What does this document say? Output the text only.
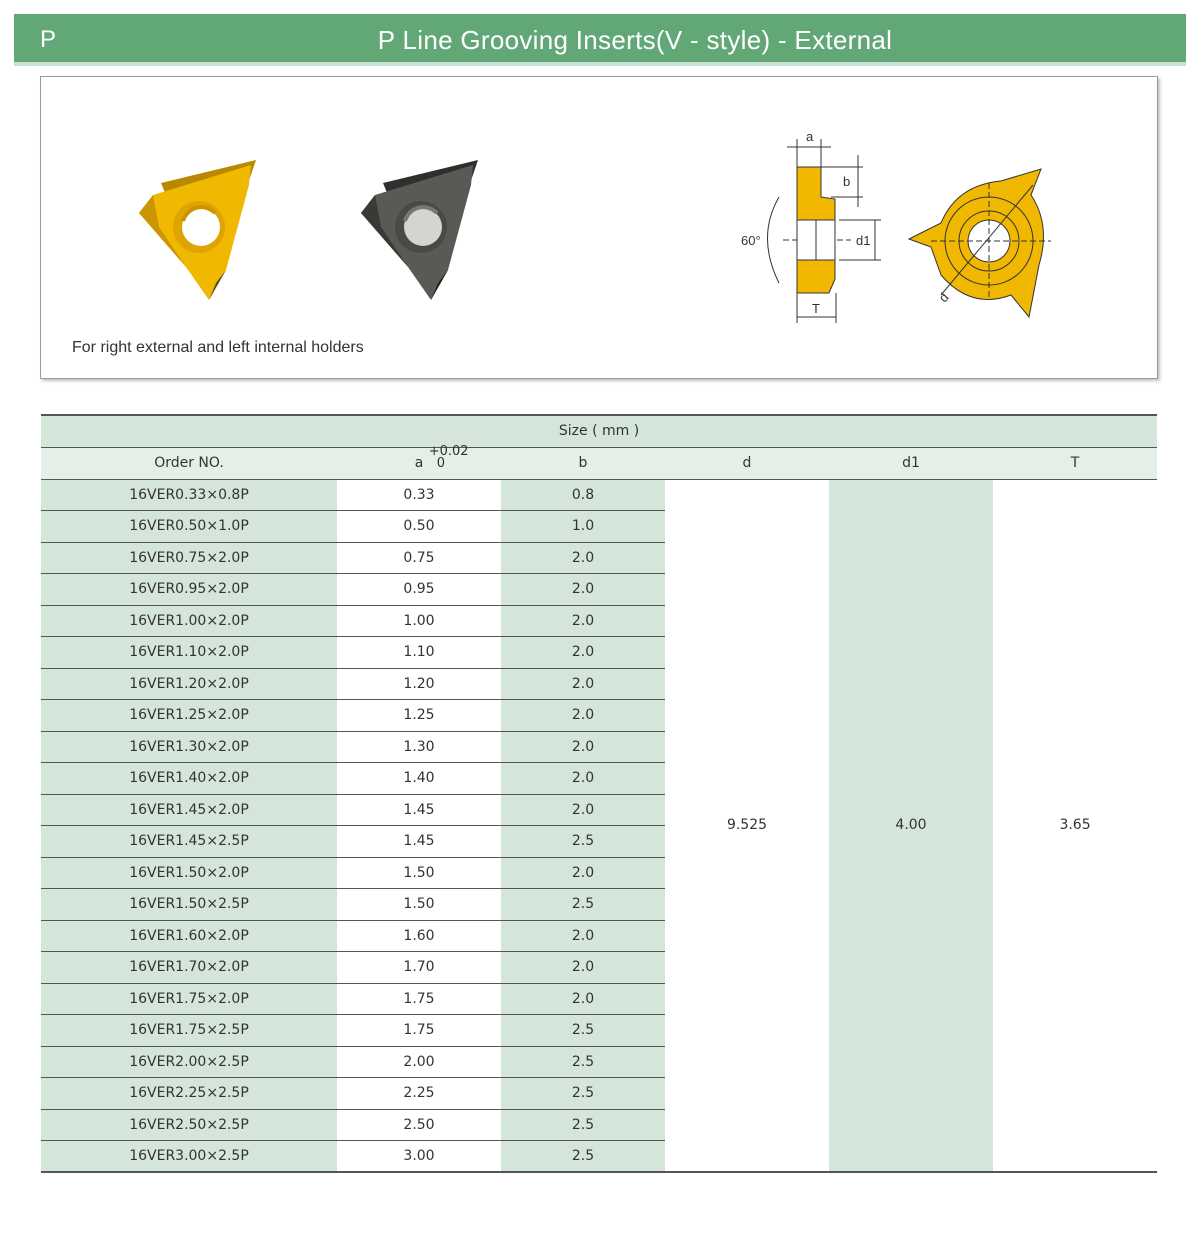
P	P Line Grooving Inserts(V - style) - External
a
b
60°	d1
T
d
For right external and left internal holders
Size ( mm )					
Order NO.	a
+0.02
0	b	d	d1	T
16VER0.33×0.8P	0.33	0.8	9.525	4.00	3.65
16VER0.50×1.0P	0.50	1.0			
16VER0.75×2.0P	0.75	2.0			
16VER0.95×2.0P	0.95	2.0			
16VER1.00×2.0P	1.00	2.0			
16VER1.10×2.0P	1.10	2.0			
16VER1.20×2.0P	1.20	2.0			
16VER1.25×2.0P	1.25	2.0			
16VER1.30×2.0P	1.30	2.0			
16VER1.40×2.0P	1.40	2.0			
16VER1.45×2.0P	1.45	2.0			
16VER1.45×2.5P	1.45	2.5			
16VER1.50×2.0P	1.50	2.0			
16VER1.50×2.5P	1.50	2.5			
16VER1.60×2.0P	1.60	2.0			
16VER1.70×2.0P	1.70	2.0			
16VER1.75×2.0P	1.75	2.0			
16VER1.75×2.5P	1.75	2.5			
16VER2.00×2.5P	2.00	2.5			
16VER2.25×2.5P	2.25	2.5			
16VER2.50×2.5P	2.50	2.5			
16VER3.00×2.5P	3.00	2.5			
